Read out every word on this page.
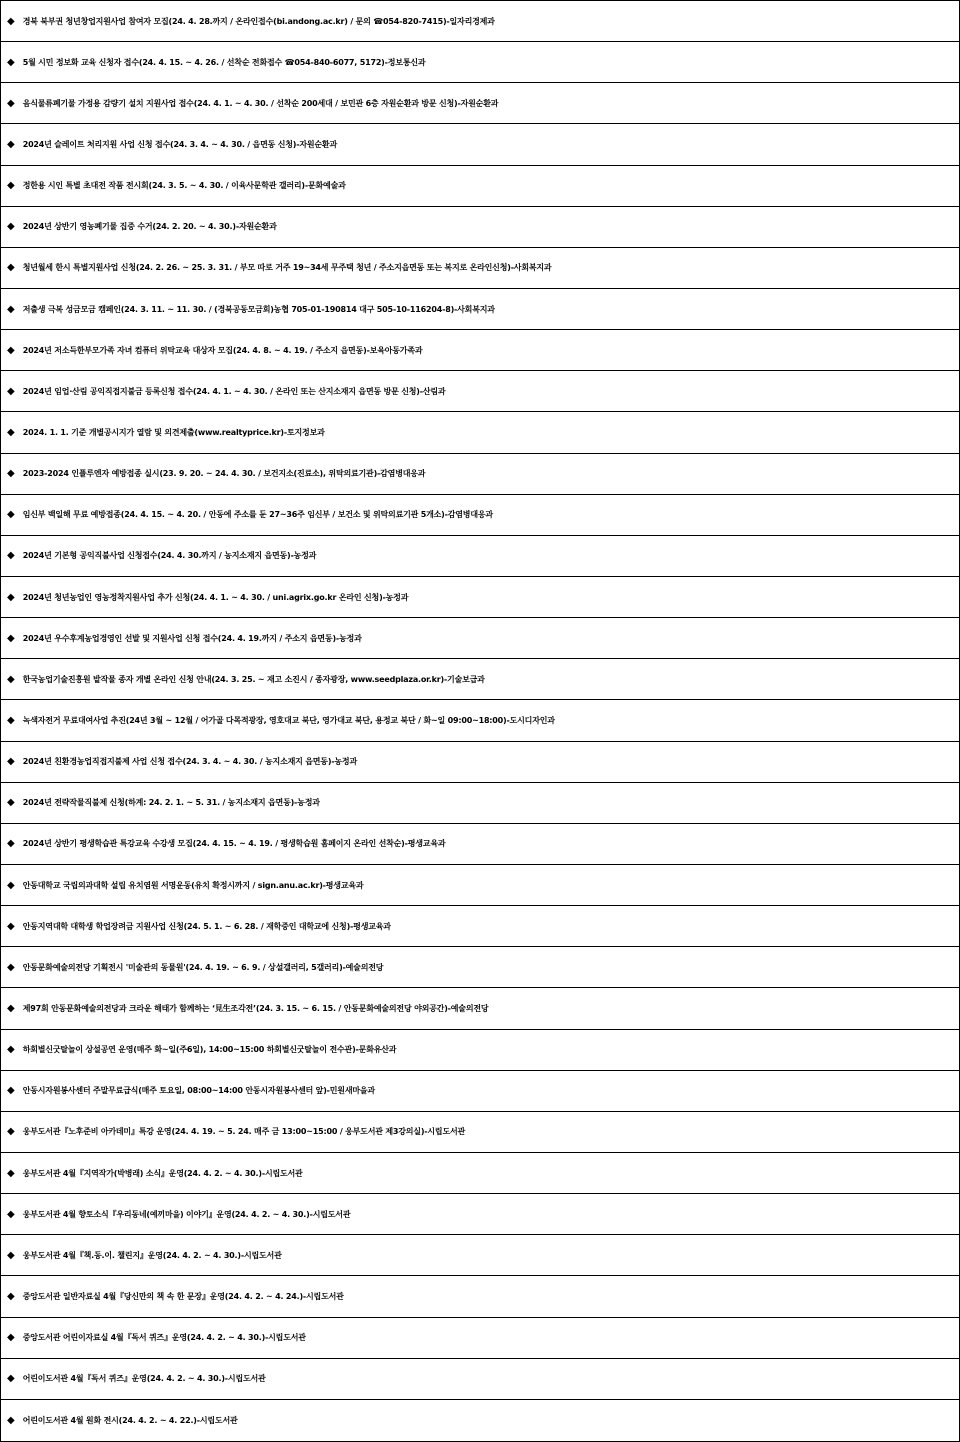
◆ 경북 북부권 청년창업지원사업 참여자 모집(24. 4. 28.까지 / 온라인접수(bi.andong.ac.kr) / 문의 ☎054-820-7415)-일자리경제과
◆ 5월 시민 정보화 교육 신청자 접수(24. 4. 15. ~ 4. 26. / 선착순 전화접수 ☎054-840-6077, 5172)-정보통신과
◆ 음식물류폐기물 가정용 감량기 설치 지원사업 접수(24. 4. 1. ~ 4. 30. / 선착순 200세대 / 보민관 6층 자원순환과 방문 신청)-자원순환과
◆ 2024년 슬레이트 처리지원 사업 신청 접수(24. 3. 4. ~ 4. 30. / 읍면동 신청)-자원순환과
◆ 정한용 시인 특별 초대전 작품 전시회(24. 3. 5. ~ 4. 30. / 이육사문학관 갤러리)-문화예술과
◆ 2024년 상반기 영농폐기물 집중 수거(24. 2. 20. ~ 4. 30.)-자원순환과
◆ 청년월세 한시 특별지원사업 신청(24. 2. 26. ~ 25. 3. 31. / 부모 따로 거주 19~34세 무주택 청년 / 주소지읍면동 또는 복지로 온라인신청)-사회복지과
◆ 저출생 극복 성금모금 캠페인(24. 3. 11. ~ 11. 30. / (경북공동모금회)농협 705-01-190814 대구 505-10-116204-8)-사회복지과
◆ 2024년 저소득한부모가족 자녀 컴퓨터 위탁교육 대상자 모집(24. 4. 8. ~ 4. 19. / 주소지 읍면동)-보육아동가족과
◆ 2024년 임업·산림 공익직접지불금 등록신청 접수(24. 4. 1. ~ 4. 30. / 온라인 또는 산지소재지 읍면동 방문 신청)-산림과
◆ 2024. 1. 1. 기준 개별공시지가 열람 및 의견제출(www.realtyprice.kr)-토지정보과
◆ 2023-2024 인플루엔자 예방접종 실시(23. 9. 20. ~ 24. 4. 30. / 보건지소(진료소), 위탁의료기관)-감염병대응과
◆ 임신부 백일해 무료 예방접종(24. 4. 15. ~ 4. 20. / 안동에 주소를 둔 27~36주 임신부 / 보건소 및 위탁의료기관 5개소)-감염병대응과
◆ 2024년 기본형 공익직불사업 신청접수(24. 4. 30.까지 / 농지소재지 읍면동)-농정과
◆ 2024년 청년농업인 영농정착지원사업 추가 신청(24. 4. 1. ~ 4. 30. / uni.agrix.go.kr 온라인 신청)-농정과
◆ 2024년 우수후계농업경영인 선발 및 지원사업 신청 접수(24. 4. 19.까지 / 주소지 읍면동)-농정과
◆ 한국농업기술진흥원 밭작물 종자 개별 온라인 신청 안내(24. 3. 25. ~ 재고 소진시 / 종자광장, www.seedplaza.or.kr)-기술보급과
◆ 녹색자전거 무료대여사업 추진(24년 3월 ~ 12월 / 어가골 다목적광장, 영호대교 북단, 영가대교 북단, 용정교 북단 / 화~일 09:00~18:00)-도시디자인과
◆ 2024년 친환경농업직접지불제 사업 신청 접수(24. 3. 4. ~ 4. 30. / 농지소재지 읍면동)-농정과
◆ 2024년 전략작물직불제 신청(하계: 24. 2. 1. ~ 5. 31. / 농지소재지 읍면동)-농정과
◆ 2024년 상반기 평생학습관 특강교육 수강생 모집(24. 4. 15. ~ 4. 19. / 평생학습원 홈페이지 온라인 선착순)-평생교육과
◆ 안동대학교 국립의과대학 설립 유치염원 서명운동(유치 확정시까지 / sign.anu.ac.kr)-평생교육과
◆ 안동지역대학 대학생 학업장려금 지원사업 신청(24. 5. 1. ~ 6. 28. / 재학중인 대학교에 신청)-평생교육과
◆ 안동문화예술의전당 기획전시 '미술관의 동물원'(24. 4. 19. ~ 6. 9. / 상설갤러리, 5갤러리)-예술의전당
◆ 제97회 안동문화예술의전당과 크라운 해태가 함께하는 ‘見生조각전’(24. 3. 15. ~ 6. 15. / 안동문화예술의전당 야외공간)-예술의전당
◆ 하회별신굿탈놀이 상설공연 운영(매주 화~일(주6일), 14:00~15:00 하회별신굿탈놀이 전수관)-문화유산과
◆ 안동시자원봉사센터 주말무료급식(매주 토요일, 08:00~14:00 안동시자원봉사센터 앞)-민원새마을과
◆ 웅부도서관『노후준비 아카데미』특강 운영(24. 4. 19. ~ 5. 24. 매주 금 13:00~15:00 / 웅부도서관 제3강의실)-시립도서관
◆ 웅부도서관 4월『지역작가(박병래) 소식』운영(24. 4. 2. ~ 4. 30.)-시립도서관
◆ 웅부도서관 4월 향토소식『우리동네(예끼마을) 이야기』운영(24. 4. 2. ~ 4. 30.)-시립도서관
◆ 웅부도서관 4월『책.동.이. 챌린지』운영(24. 4. 2. ~ 4. 30.)-시립도서관
◆ 중앙도서관 일반자료실 4월『당신만의 책 속 한 문장』운영(24. 4. 2. ~ 4. 24.)-시립도서관
◆ 중앙도서관 어린이자료실 4월『독서 퀴즈』운영(24. 4. 2. ~ 4. 30.)-시립도서관
◆ 어린이도서관 4월『독서 퀴즈』운영(24. 4. 2. ~ 4. 30.)-시립도서관
◆ 어린이도서관 4월 원화 전시(24. 4. 2. ~ 4. 22.)-시립도서관
